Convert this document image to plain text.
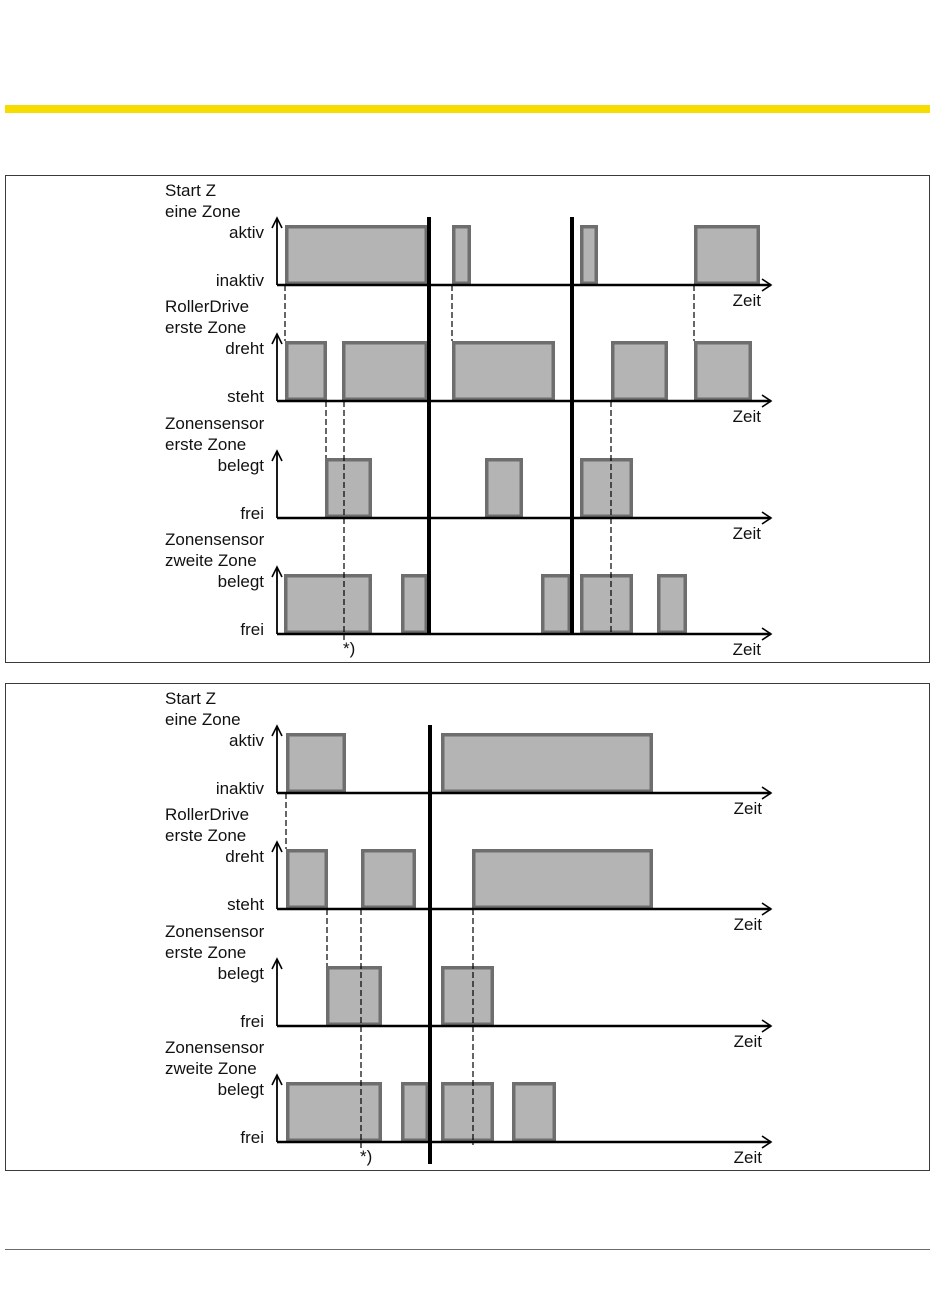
Start Z
eine Zone
aktiv
inaktiv
Zeit
RollerDrive
erste Zone
dreht
steht
Zeit
Zonensensor
erste Zone
belegt
frei
Zeit
Zonensensor
zweite Zone
belegt
frei
Zeit
*)
Start Z
eine Zone
aktiv
inaktiv
Zeit
RollerDrive
erste Zone
dreht
steht
Zeit
Zonensensor
erste Zone
belegt
frei
Zeit
Zonensensor
zweite Zone
belegt
frei
Zeit
*)
